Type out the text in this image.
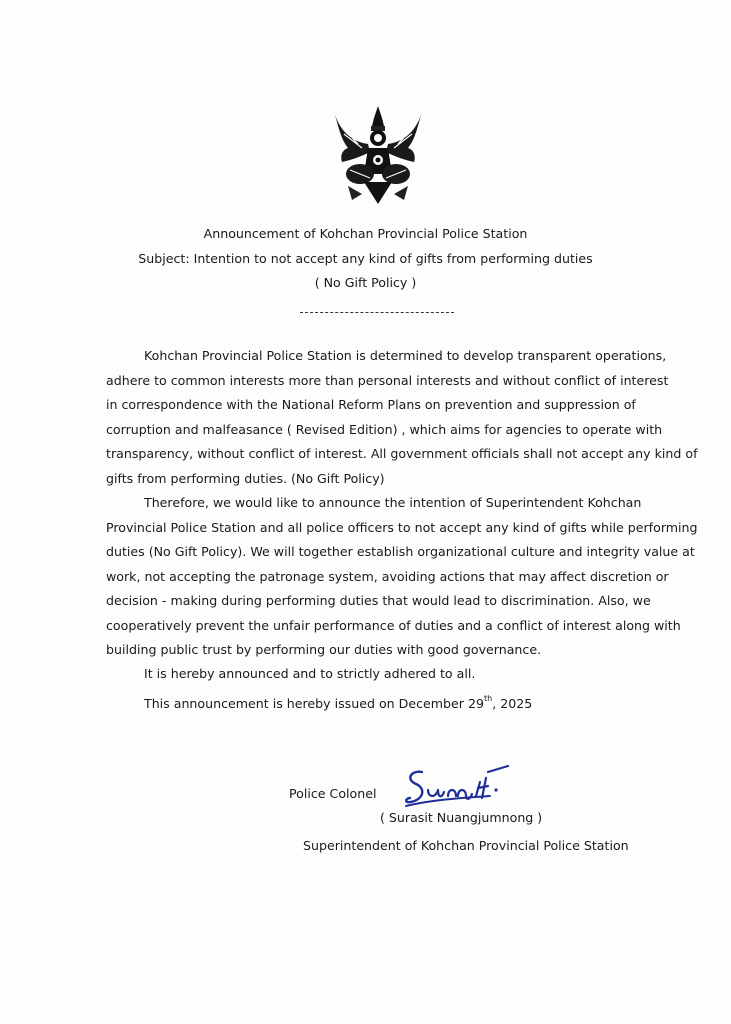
Announcement of Kohchan Provincial Police Station
Subject: Intention to not accept any kind of gifts from performing duties
( No Gift Policy )
Kohchan Provincial Police Station is determined to develop transparent operations,
adhere to common interests more than personal interests and without conflict of interest
in correspondence with the National Reform Plans on prevention and suppression of
corruption and malfeasance ( Revised Edition) , which aims for agencies to operate with
transparency, without conflict of interest. All government officials shall not accept any kind of
gifts from performing duties. (No Gift Policy)
Therefore, we would like to announce the intention of Superintendent Kohchan
Provincial Police Station and all police officers to not accept any kind of gifts while performing
duties (No Gift Policy). We will together establish organizational culture and integrity value at
work, not accepting the patronage system, avoiding actions that may affect discretion or
decision - making during performing duties that would lead to discrimination. Also, we
cooperatively prevent the unfair performance of duties and a conflict of interest along with
building public trust by performing our duties with good governance.
It is hereby announced and to strictly adhered to all.
This announcement is hereby issued on December 29th, 2025
Police Colonel
( Surasit Nuangjumnong )
Superintendent of Kohchan Provincial Police Station
